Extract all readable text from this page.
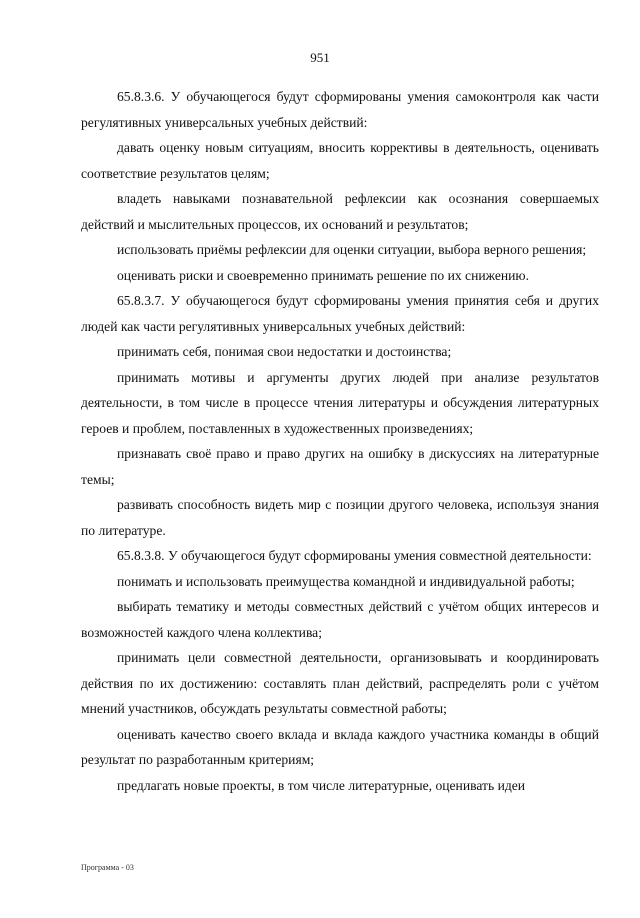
951

65.8.3.6. У обучающегося будут сформированы умения самоконтроля как части регулятивных универсальных учебных действий:

давать оценку новым ситуациям, вносить коррективы в деятельность, оценивать соответствие результатов целям;

владеть навыками познавательной рефлексии как осознания совершаемых действий и мыслительных процессов, их оснований и результатов;

использовать приёмы рефлексии для оценки ситуации, выбора верного решения;

оценивать риски и своевременно принимать решение по их снижению.

65.8.3.7. У обучающегося будут сформированы умения принятия себя и других людей как части регулятивных универсальных учебных действий:

принимать себя, понимая свои недостатки и достоинства;

принимать мотивы и аргументы других людей при анализе результатов деятельности, в том числе в процессе чтения литературы и обсуждения литературных героев и проблем, поставленных в художественных произведениях;

признавать своё право и право других на ошибку в дискуссиях на литературные темы;

развивать способность видеть мир с позиции другого человека, используя знания по литературе.

65.8.3.8. У обучающегося будут сформированы умения совместной деятельности:

понимать и использовать преимущества командной и индивидуальной работы;

выбирать тематику и методы совместных действий с учётом общих интересов и возможностей каждого члена коллектива;

принимать цели совместной деятельности, организовывать и координировать действия по их достижению: составлять план действий, распределять роли с учётом мнений участников, обсуждать результаты совместной работы;

оценивать качество своего вклада и вклада каждого участника команды в общий результат по разработанным критериям;

предлагать новые проекты, в том числе литературные, оценивать идеи

Программа - 03
